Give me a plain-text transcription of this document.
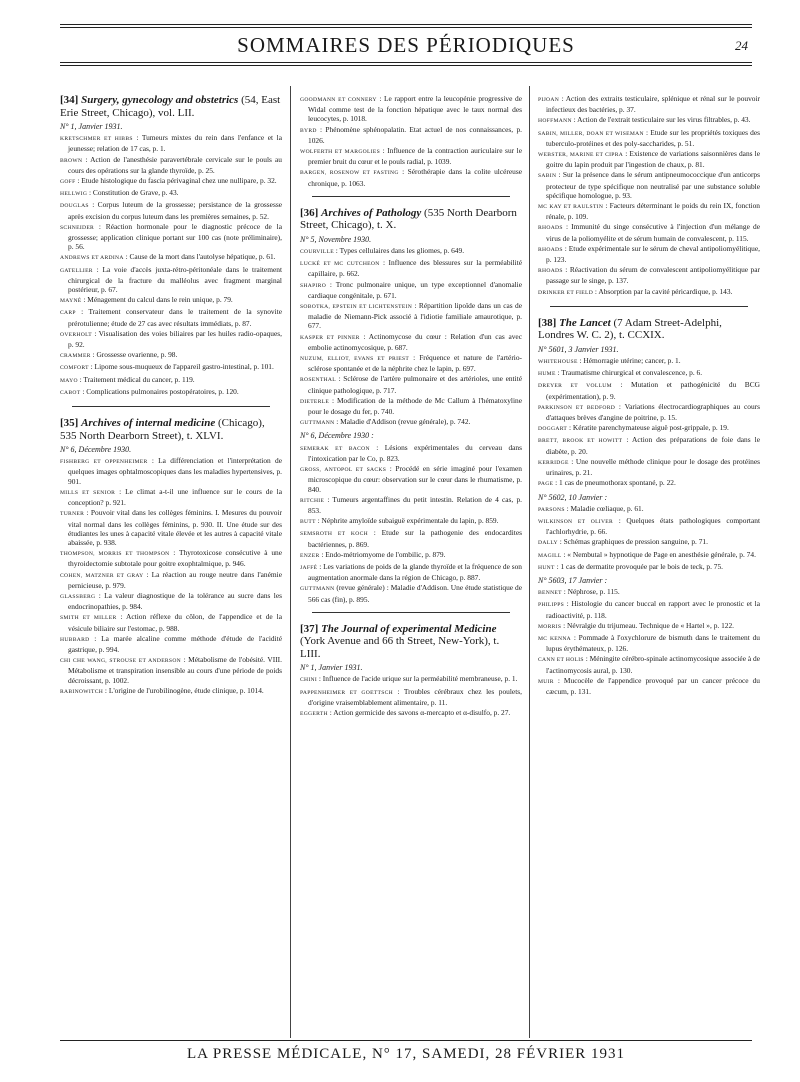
SOMMAIRES DES PÉRIODIQUES	24
[34] Surgery, gynecology and obstetrics (54, East Erie Street, Chicago), vol. LII.
N° 1, Janvier 1931.
KRETSCHMER ET HIBBS : Tumeurs mixtes du rein dans l'enfance et la jeunesse; relation de 17 cas, p. 1.
BROWN : Action de l'anesthésie paravertébrale cervicale sur le pouls au cours des opérations sur la glande thyroïde, p. 25.
GOFF : Etude histologique du fascia périvaginal chez une nullipare, p. 32.
HELLWIG : Constitution de Grave, p. 43.
DOUGLAS : Corpus luteum de la grossesse; persistance de la grossesse après excision du corpus luteum dans les premières semaines, p. 52.
SCHNEIDER : Réaction hormonale pour le diagnostic précoce de la grossesse; application clinique portant sur 100 cas (note préliminaire), p. 56.
ANDREWS ET ARDINA : Cause de la mort dans l'autolyse hépatique, p. 61.
GATELLIER : La voie d'accès juxta-rétro-péritonéale dans le traitement chirurgical de la fracture du malléolus avec fragment marginal postérieur, p. 67.
MAYNÉ : Ménagement du calcul dans le rein unique, p. 79.
CARP : Traitement conservateur dans le traitement de la synovite prérotulienne; étude de 27 cas avec résultats immédiats, p. 87.
OVERHOLT : Visualisation des voies biliaires par les huiles radio-opaques, p. 92.
CRAMMER : Grossesse ovarienne, p. 98.
COMFORT : Lipome sous-muqueux de l'appareil gastro-intestinal, p. 101.
MAYO : Traitement médical du cancer, p. 119.
CABOT : Complications pulmonaires postopératoires, p. 120.
[35] Archives of internal medicine (Chicago), 535 North Dearborn Street), t. XLVI.
N° 6, Décembre 1930.
FISHBERG ET OPPENHEIMER : La différenciation et l'interprétation de quelques images ophtalmoscopiques dans les maladies hypertensives, p. 901.
MILLS ET SENIOR : Le climat a-t-il une influence sur le cours de la conception? p. 921.
TURNER : Pouvoir vital dans les collèges féminins. I. Mesures du pouvoir vital normal dans les collèges féminins, p. 930. II. Une étude sur des étudiantes les unes à capacité vitale élevée et les autres à capacité vitale abaissée, p. 938.
THOMPSON, MORRIS ET THOMPSON : Thyrotoxicose consécutive à une thyroidectomie subtotale pour goitre exophtalmique, p. 946.
COHEN, MATZNER ET GRAY : La réaction au rouge neutre dans l'anémie pernicieuse, p. 979.
GLASSBERG : La valeur diagnostique de la tolérance au sucre dans les endocrinopathies, p. 984.
SMITH ET MILLER : Action réflexe du côlon, de l'appendice et de la vésicule biliaire sur l'estomac, p. 988.
HUBBARD : La marée alcaline comme méthode d'étude de l'acidité gastrique, p. 994.
CHI CHE WANG, STROUSE ET ANDERSON : Métabolisme de l'obésité. VIII. Métabolisme et transpiration insensible au cours d'une période de poids décroissant, p. 1002.
RABINOWITCH : L'origine de l'urobilinogène, étude clinique, p. 1014.
GOODMANN ET CONNERY : Le rapport entre la leucopénie progressive de Widal comme test de la fonction hépatique avec le taux normal des leucocytes, p. 1018.
BYRD : Phénomène sphénopalatin. Etat actuel de nos connaissances, p. 1026.
WOLFERTH ET MARGOLIES : Influence de la contraction auriculaire sur le premier bruit du cœur et le pouls radial, p. 1039.
BARGEN, ROSENOW ET FASTING : Sérothérapie dans la colite ulcéreuse chronique, p. 1063.
[36] Archives of Pathology (535 North Dearborn Street, Chicago), t. X.
N° 5, Novembre 1930.
COURVILLE : Types cellulaires dans les gliomes, p. 649.
LUCKÉ ET MC CUTCHEON : Influence des blessures sur la perméabilité capillaire, p. 662.
SHAPIRO : Tronc pulmonaire unique, un type exceptionnel d'anomalie cardiaque congénitale, p. 671.
SOBOTKA, EPSTEIN ET LICHTENSTEIN : Répartition lipoïde dans un cas de maladie de Niemann-Pick associé à l'idiotie familiale amaurotique, p. 677.
KASPER ET PINNER : Actinomycose du cœur : Relation d'un cas avec embolie actinomycosique, p. 687.
NUZUM, ELLIOT, EVANS ET PRIEST : Fréquence et nature de l'artério-sclérose spontanée et de la néphrite chez le lapin, p. 697.
ROSENTHAL : Sclérose de l'artère pulmonaire et des artérioles, une entité clinique pathologique, p. 717.
DIETERLE : Modification de la méthode de Mc Callum à l'hématoxyline pour le dosage du fer, p. 740.
GUTTMANN : Maladie d'Addison (revue générale), p. 742.
N° 6, Décembre 1930 :
SEMERAK ET BACON : Lésions expérimentales du cerveau dans l'intoxication par le Co, p. 823.
GROSS, ANTOPOL ET SACKS : Procédé en série imaginé pour l'examen microscopique du cœur: observation sur le cœur dans le rhumatisme, p. 840.
RITCHIE : Tumeurs argentaffines du petit intestin. Relation de 4 cas, p. 853.
BUTT : Néphrite amyloïde subaiguë expérimentale du lapin, p. 859.
SEMSROTH ET KOCH : Etude sur la pathogenie des endocardites bactériennes, p. 869.
ENZER : Endo-métriomyome de l'ombilic, p. 879.
JAFFÉ : Les variations de poids de la glande thyroïde et la fréquence de son augmentation anormale dans la région de Chicago, p. 887.
GUTTMANN (revue générale) : Maladie d'Addison. Une étude statistique de 566 cas (fin), p. 895.
[37] The Journal of experimental Medicine (York Avenue and 66 th Street, New-York), t. LIII.
N° 1, Janvier 1931.
CHINI : Influence de l'acide urique sur la perméabilité membraneuse, p. 1.
PAPPENHEIMER ET GOETTSCH : Troubles cérébraux chez les poulets, d'origine vraisemblablement alimentaire, p. 11.
EGGERTH : Action germicide des savons α-mercapto et α-disulfo, p. 27.
PIJOAN : Action des extraits testiculaire, splénique et rénal sur le pouvoir infectieux des bactéries, p. 37.
HOFFMANN : Action de l'extrait testiculaire sur les virus filtrables, p. 43.
SABIN, MILLER, DOAN ET WISEMAN : Etude sur les propriétés toxiques des tuberculo-protéines et des poly-saccharides, p. 51.
WEBSTER, MARINE ET CIPRA : Existence de variations saisonnières dans le goitre du lapin produit par l'ingestion de chaux, p. 81.
SABIN : Sur la présence dans le sérum antipneumococcique d'un anticorps protecteur de type spécifique non neutralisé par une substance soluble spécifique homologue, p. 93.
MC KAY ET RAULSTIN : Facteurs déterminant le poids du rein IX, fonction rénale, p. 109.
RHOADS : Immunité du singe consécutive à l'injection d'un mélange de virus de la poliomyélite et de sérum humain de convalescent, p. 115.
RHOADS : Etude expérimentale sur le sérum de cheval antipoliomyélitique, p. 123.
RHOADS : Réactivation du sérum de convalescent antipoliomyélitique par passage sur le singe, p. 137.
DRINKER ET FIELD : Absorption par la cavité péricardique, p. 143.
[38] The Lancet (7 Adam Street-Adelphi, Londres W. C. 2), t. CCXIX.
N° 5601, 3 Janvier 1931.
WHITEHOUSE : Hémorragie utérine; cancer, p. 1.
HUME : Traumatisme chirurgical et convalescence, p. 6.
DREYER ET VOLLUM : Mutation et pathogénicité du BCG (expérimentation), p. 9.
PARKINSON ET BEDFORD : Variations électrocardiographiques au cours d'attaques brèves d'angine de poitrine, p. 15.
DOGGART : Kératite parenchymateuse aiguë post-grippale, p. 19.
BRETT, BROOK ET HOWITT : Action des préparations de foie dans le diabète, p. 20.
KERRIDGE : Une nouvelle méthode clinique pour le dosage des protéines urinaires, p. 21.
PAGE : 1 cas de pneumothorax spontané, p. 22.
N° 5602, 10 Janvier :
PARSONS : Maladie cœliaque, p. 61.
WILKINSON ET OLIVER : Quelques états pathologiques comportant l'achlorhydrie, p. 66.
DALLY : Schémas graphiques de pression sanguine, p. 71.
MAGILL : « Nembutal » hypnotique de Page en anesthésie générale, p. 74.
HUNT : 1 cas de dermatite provoquée par le bois de teck, p. 75.
N° 5603, 17 Janvier :
BENNET : Néphrose, p. 115.
PHILIPPS : Histologie du cancer buccal en rapport avec le pronostic et la radioactivité, p. 118.
MORRIS : Névralgie du trijumeau. Technique de « Hartel », p. 122.
MC KENNA : Pommade à l'oxychlorure de bismuth dans le traitement du lupus érythémateux, p. 126.
CANN ET HOLIS : Méningite cérébro-spinale actinomycosique associée à de l'actinomycosis aural, p. 130.
MUIR : Mucocèle de l'appendice provoqué par un cancer précoce du cæcum, p. 131.
LA PRESSE MÉDICALE, N° 17, SAMEDI, 28 FÉVRIER 1931
